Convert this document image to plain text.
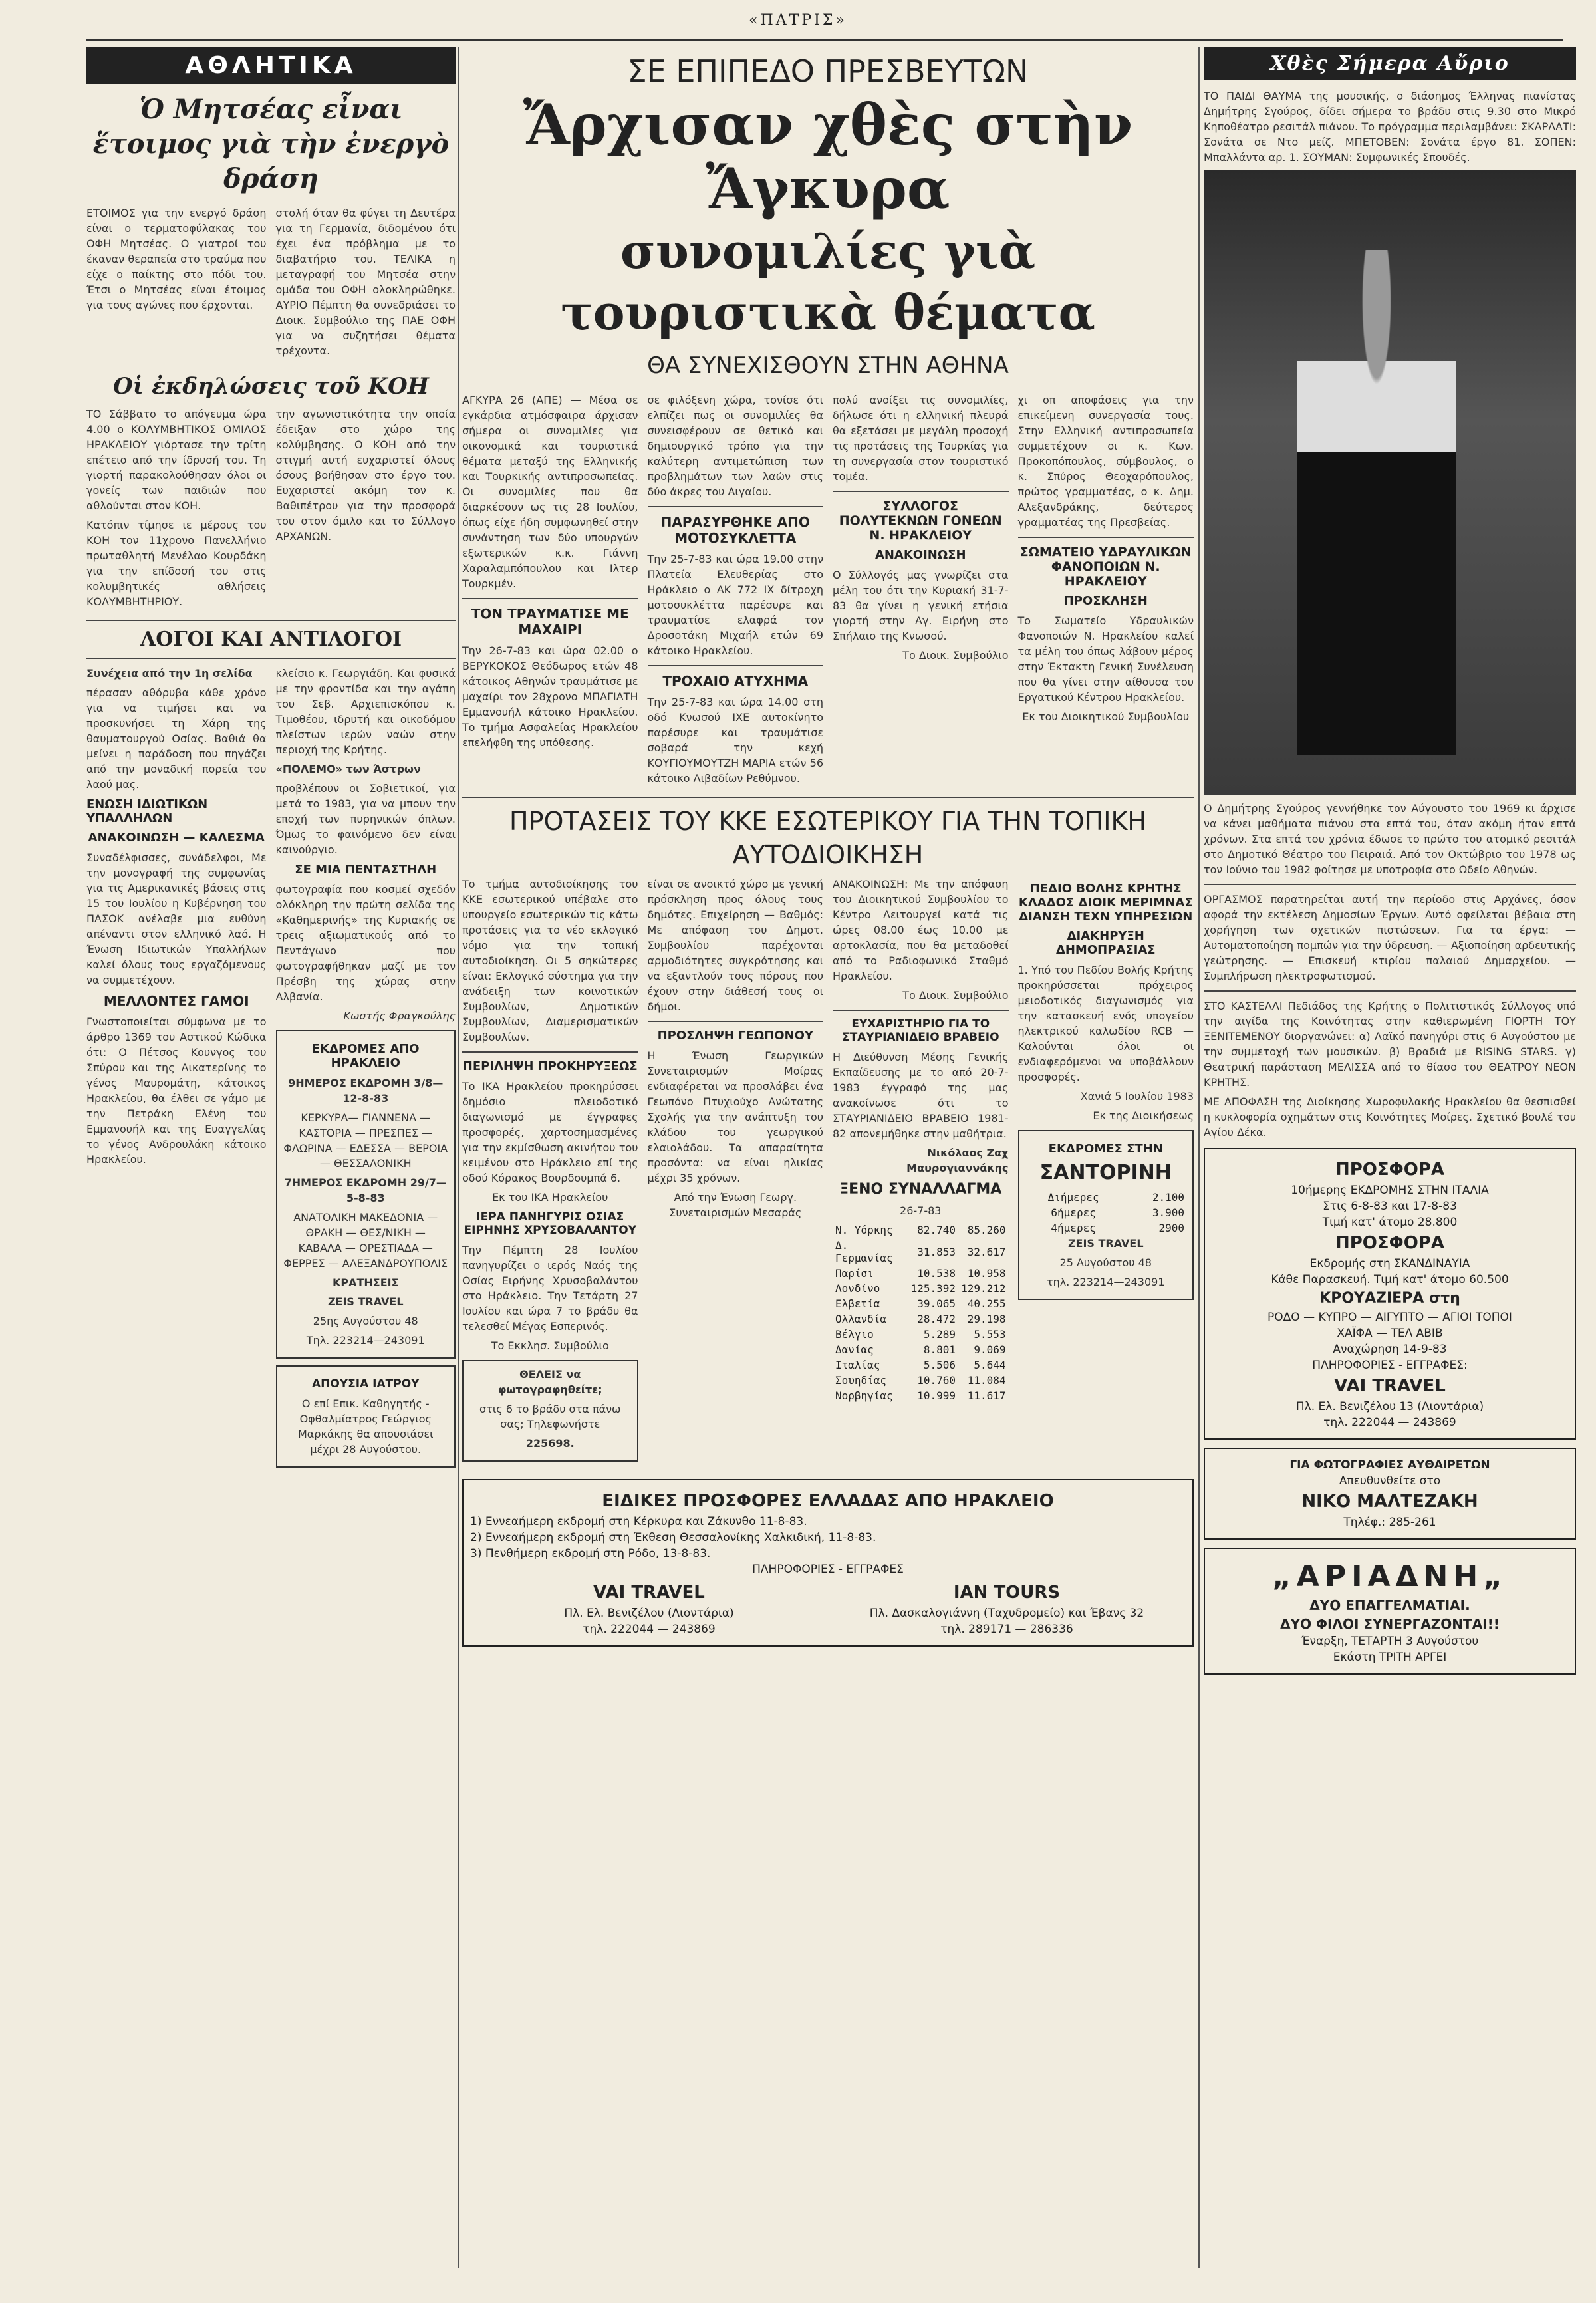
«ΠΑΤΡΙΣ»
ΑΘΛΗΤΙΚΑ
Ὁ Μητσέας εἶναι ἕτοιμος γιὰ τὴν ἐνεργὸ δράση

ΕΤΟΙΜΟΣ για την ενεργό δράση είναι ο τερματοφύλακας του ΟΦΗ Μητσέας. Ο γιατροί του έκαναν θεραπεία στο τραύμα που είχε ο παίκτης στο πόδι του. Έτσι ο Μητσέας είναι έτοιμος για τους αγώνες που έρχονται.

στολή όταν θα φύγει τη Δευτέρα για τη Γερμανία, διδομένου ότι έχει ένα πρόβλημα με το διαβατήριο του. ΤΕΛΙΚΑ η μεταγραφή του Μητσέα στην ομάδα του ΟΦΗ ολοκληρώθηκε. ΑΥΡΙΟ Πέμπτη θα συνεδριάσει το Διοικ. Συμβούλιο της ΠΑΕ ΟΦΗ για να συζητήσει θέματα τρέχοντα.

Οἱ ἐκδηλώσεις τοῦ ΚΟΗ

ΤΟ Σάββατο το απόγευμα ώρα 4.00 ο ΚΟΛΥΜΒΗΤΙΚΟΣ ΟΜΙΛΟΣ ΗΡΑΚΛΕΙΟΥ γιόρτασε την τρίτη επέτειο από την ίδρυσή του. Τη γιορτή παρακολούθησαν όλοι οι γονείς των παιδιών που αθλούνται στον ΚΟΗ.

Κατόπιν τίμησε ιε μέρους του ΚΟΗ τον 11χρονο Πανελλήνιο πρωταθλητή Μενέλαο Κουρδάκη για την επίδοσή του στις κολυμβητικές αθλήσεις ΚΟΛΥΜΒΗΤΗΡΙΟΥ.

την αγωνιστικότητα την οποία έδειξαν στο χώρο της κολύμβησης. Ο ΚΟΗ από την στιγμή αυτή ευχαριστεί όλους όσους βοήθησαν στο έργο του. Ευχαριστεί ακόμη τον κ. Βαθιπέτρου για την προσφορά του στον όμιλο και το Σύλλογο ΑΡΧΑΝΩΝ.

ΛΟΓΟΙ ΚΑΙ ΑΝΤΙΛΟΓΟΙ

Συνέχεια από την 1η σελίδα

πέρασαν αθόρυβα κάθε χρόνο για να τιμήσει και να προσκυνήσει τη Χάρη της θαυματουργού Οσίας. Βαθιά θα μείνει η παράδοση που πηγάζει από την μοναδική πορεία του λαού μας.

ΕΝΩΣΗ ΙΔΙΩΤΙΚΩΝ ΥΠΑΛΛΗΛΩΝ
ΑΝΑΚΟΙΝΩΣΗ — ΚΑΛΕΣΜΑ

Συναδέλφισσες, συνάδελφοι, Με την μονογραφή της συμφωνίας για τις Αμερικανικές βάσεις στις 15 του Ιουλίου η Κυβέρνηση του ΠΑΣΟΚ ανέλαβε μια ευθύνη απέναντι στον ελληνικό λαό. Η Ένωση Ιδιωτικών Υπαλλήλων καλεί όλους τους εργαζόμενους να συμμετέχουν.

ΜΕΛΛΟΝΤΕΣ ΓΑΜΟΙ

Γνωστοποιείται σύμφωνα με το άρθρο 1369 του Αστικού Κώδικα ότι: Ο Πέτσος Κουνγος του Σπύρου και της Αικατερίνης το γένος Μαυρομάτη, κάτοικος Ηρακλείου, θα έλθει σε γάμο με την Πετράκη Ελένη του Εμμανουήλ και της Ευαγγελίας το γένος Ανδρουλάκη κάτοικο Ηρακλείου.

κλείσιο κ. Γεωργιάδη. Και φυσικά με την φροντίδα και την αγάπη του Σεβ. Αρχιεπισκόπου κ. Τιμοθέου, ιδρυτή και οικοδόμου πλείστων ιερών ναών στην περιοχή της Κρήτης.

«ΠΟΛΕΜΟ» των Άστρων

προβλέπουν οι Σοβιετικοί, για μετά το 1983, για να μπουν την εποχή των πυρηνικών όπλων. Όμως το φαινόμενο δεν είναι καινούργιο.

ΣΕ ΜΙΑ ΠΕΝΤΑΣΤΗΛΗ

φωτογραφία που κοσμεί σχεδόν ολόκληρη την πρώτη σελίδα της «Καθημερινής» της Κυριακής σε τρεις αξιωματικούς από το Πεντάγωνο που φωτογραφήθηκαν μαζί με τον Πρέσβη της χώρας στην Αλβανία.

Κωστής Φραγκούλης

ΕΚΔΡΟΜΕΣ ΑΠΟ ΗΡΑΚΛΕΙΟ

9ΗΜΕΡΟΣ ΕΚΔΡΟΜΗ 3/8—12-8-83

ΚΕΡΚΥΡΑ— ΓΙΑΝΝΕΝΑ — ΚΑΣΤΟΡΙΑ — ΠΡΕΣΠΕΣ — ΦΛΩΡΙΝΑ — ΕΔΕΣΣΑ — ΒΕΡΟΙΑ — ΘΕΣΣΑΛΟΝΙΚΗ

7ΗΜΕΡΟΣ ΕΚΔΡΟΜΗ 29/7—5-8-83

ΑΝΑΤΟΛΙΚΗ ΜΑΚΕΔΟΝΙΑ — ΘΡΑΚΗ — ΘΕΣ/ΝΙΚΗ — ΚΑΒΑΛΑ — ΟΡΕΣΤΙΑΔΑ — ΦΕΡΡΕΣ — ΑΛΕΞΑΝΔΡΟΥΠΟΛΙΣ

ΚΡΑΤΗΣΕΙΣ

ZEIS TRAVEL

25ης Αυγούστου 48

Τηλ. 223214—243091

ΑΠΟΥΣΙΑ ΙΑΤΡΟΥ

Ο επί Επικ. Καθηγητής - Οφθαλμίατρος Γεώργιος Μαρκάκης θα απουσιάσει μέχρι 28 Αυγούστου.

ΣΕ ΕΠΙΠΕΔΟ ΠΡΕΣΒΕΥΤΩΝ
Ἄρχισαν χθὲς στὴν Ἄγκυρα
συνομιλίες γιὰ τουριστικὰ θέματα
ΘΑ ΣΥΝΕΧΙΣΘΟΥΝ ΣΤΗΝ ΑΘΗΝΑ

ΑΓΚΥΡΑ 26 (ΑΠΕ) — Μέσα σε εγκάρδια ατμόσφαιρα άρχισαν σήμερα οι συνομιλίες για οικονομικά και τουριστικά θέματα μεταξύ της Ελληνικής και Τουρκικής αντιπροσωπείας. Οι συνομιλίες που θα διαρκέσουν ως τις 28 Ιουλίου, όπως είχε ήδη συμφωνηθεί στην συνάντηση των δύο υπουργών εξωτερικών κ.κ. Γιάννη Χαραλαμπόπουλου και Ιλτερ Τουρκμέν.

ΤΟΝ ΤΡΑΥΜΑΤΙΣΕ ΜΕ ΜΑΧΑΙΡΙ

Την 26-7-83 και ώρα 02.00 ο ΒΕΡΥΚΟΚΟΣ Θεόδωρος ετών 48 κάτοικος Αθηνών τραυμάτισε με μαχαίρι τον 28χρονο ΜΠΑΓΙΑΤΗ Εμμανουήλ κάτοικο Ηρακλείου. Το τμήμα Ασφαλείας Ηρακλείου επελήφθη της υπόθεσης.

σε φιλόξενη χώρα, τονίσε ότι ελπίζει πως οι συνομιλίες θα συνεισφέρουν σε θετικό και δημιουργικό τρόπο για την καλύτερη αντιμετώπιση των προβλημάτων των λαών στις δύο άκρες του Αιγαίου.

ΠΑΡΑΣΥΡΘΗΚΕ ΑΠΟ ΜΟΤΟΣΥΚΛΕΤΤΑ

Την 25-7-83 και ώρα 19.00 στην Πλατεία Ελευθερίας στο Ηράκλειο ο ΑΚ 772 ΙΧ δίτροχη μοτοσυκλέττα παρέσυρε και τραυματίσε ελαφρά τον Δροσοτάκη Μιχαήλ ετών 69 κάτοικο Ηρακλείου.

ΤΡΟΧΑΙΟ ΑΤΥΧΗΜΑ

Την 25-7-83 και ώρα 14.00 στη οδό Κνωσού ΙΧΕ αυτοκίνητο παρέσυρε και τραυμάτισε σοβαρά την κεχή ΚΟΥΓΙΟΥΜΟΥΤΖΗ ΜΑΡΙΑ ετών 56 κάτοικο Λιβαδίων Ρεθύμνου.

πολύ ανοίξει τις συνομιλίες, δήλωσε ότι η ελληνική πλευρά θα εξετάσει με μεγάλη προσοχή τις προτάσεις της Τουρκίας για τη συνεργασία στον τουριστικό τομέα.

ΣΥΛΛΟΓΟΣ ΠΟΛΥΤΕΚΝΩΝ ΓΟΝΕΩΝ Ν. ΗΡΑΚΛΕΙΟΥ
ΑΝΑΚΟΙΝΩΣΗ

Ο Σύλλογός μας γνωρίζει στα μέλη του ότι την Κυριακή 31-7-83 θα γίνει η γενική ετήσια γιορτή στην Αγ. Ειρήνη στο Σπήλαιο της Κνωσού.

Το Διοικ. Συμβούλιο

χι οπ αποφάσεις για την επικείμενη συνεργασία τους. Στην Ελληνική αντιπροσωπεία συμμετέχουν οι κ. Κων. Προκοπόπουλος, σύμβουλος, ο κ. Σπύρος Θεοχαρόπουλος, πρώτος γραμματέας, ο κ. Δημ. Αλεξανδράκης, δεύτερος γραμματέας της Πρεσβείας.

ΣΩΜΑΤΕΙΟ ΥΔΡΑΥΛΙΚΩΝ ΦΑΝΟΠΟΙΩΝ Ν. ΗΡΑΚΛΕΙΟΥ
ΠΡΟΣΚΛΗΣΗ

Το Σωματείο Υδραυλικών Φανοποιών Ν. Ηρακλείου καλεί τα μέλη του όπως λάβουν μέρος στην Έκτακτη Γενική Συνέλευση που θα γίνει στην αίθουσα του Εργατικού Κέντρου Ηρακλείου.

Εκ του Διοικητικού Συμβουλίου

ΠΡΟΤΑΣΕΙΣ ΤΟΥ ΚΚΕ ΕΣΩΤΕΡΙΚΟΥ ΓΙΑ ΤΗΝ ΤΟΠΙΚΗ ΑΥΤΟΔΙΟΙΚΗΣΗ

Το τμήμα αυτοδιοίκησης του ΚΚΕ εσωτερικού υπέβαλε στο υπουργείο εσωτερικών τις κάτω προτάσεις για το νέο εκλογικό νόμο για την τοπική αυτοδιοίκηση. Οι 5 σηκώτερες είναι: Εκλογικό σύστημα για την ανάδειξη των κοινοτικών Συμβουλίων, Δημοτικών Συμβουλίων, Διαμερισματικών Συμβουλίων.

ΠΕΡΙΛΗΨΗ ΠΡΟΚΗΡΥΞΕΩΣ

Το ΙΚΑ Ηρακλείου προκηρύσσει δημόσιο πλειοδοτικό διαγωνισμό με έγγραφες προσφορές, χαρτοσημασμένες για την εκμίσθωση ακινήτου του κειμένου στο Ηράκλειο επί της οδού Κόρακος Βουρδουμπά 6.

Εκ του ΙΚΑ Ηρακλείου

ΙΕΡΑ ΠΑΝΗΓΥΡΙΣ ΟΣΙΑΣ ΕΙΡΗΝΗΣ ΧΡΥΣΟΒΑΛΑΝΤΟΥ

Την Πέμπτη 28 Ιουλίου πανηγυρίζει ο ιερός Ναός της Οσίας Ειρήνης Χρυσοβαλάντου στο Ηράκλειο. Την Τετάρτη 27 Ιουλίου και ώρα 7 το βράδυ θα τελεσθεί Μέγας Εσπερινός.

Το Εκκλησ. Συμβούλιο

ΘΕΛΕΙΣ να φωτογραφηθείτε;

στις 6 το βράδυ στα πάνω σας; Τηλεφωνήστε

225698.

είναι σε ανοικτό χώρο με γενική πρόσκληση προς όλους τους δημότες. Επιχείρηση — Βαθμός: Με απόφαση του Δημοτ. Συμβουλίου παρέχονται αρμοδιότητες συγκρότησης και να εξαντλούν τους πόρους που έχουν στην διάθεσή τους οι δήμοι.

ΠΡΟΣΛΗΨΗ ΓΕΩΠΟΝΟΥ

Η Ένωση Γεωργικών Συνεταιρισμών Μοίρας ενδιαφέρεται να προσλάβει ένα Γεωπόνο Πτυχιούχο Ανώτατης Σχολής για την ανάπτυξη του κλάδου του γεωργικού ελαιολάδου. Τα απαραίτητα προσόντα: να είναι ηλικίας μέχρι 35 χρόνων.

Από την Ένωση Γεωργ. Συνεταιρισμών Μεσαράς

ΑΝΑΚΟΙΝΩΣΗ: Με την απόφαση του Διοικητικού Συμβουλίου το Κέντρο Λειτουργεί κατά τις ώρες 08.00 έως 10.00 με αρτοκλασία, που θα μεταδοθεί από το Ραδιοφωνικό Σταθμό Ηρακλείου.

Το Διοικ. Συμβούλιο

ΕΥΧΑΡΙΣΤΗΡΙΟ ΓΙΑ ΤΟ ΣΤΑΥΡΙΑΝΙΔΕΙΟ ΒΡΑΒΕΙΟ

Η Διεύθυνση Μέσης Γενικής Εκπαίδευσης με το από 20-7-1983 έγγραφό της μας ανακοίνωσε ότι το ΣΤΑΥΡΙΑΝΙΔΕΙΟ ΒΡΑΒΕΙΟ 1981-82 απονεμήθηκε στην μαθήτρια.

Νικόλαος Ζαχ Μαυρογιαννάκης

ΞΕΝΟ ΣΥΝΑΛΛΑΓΜΑ

26-7-83

Ν. Υόρκης	82.740	85.260
Δ. Γερμανίας	31.853	32.617
Παρίσι	10.538	10.958
Λονδίνο	125.392	129.212
Ελβετία	39.065	40.255
Ολλανδία	28.472	29.198
Βέλγιο	5.289	5.553
Δανίας	8.801	9.069
Ιταλίας	5.506	5.644
Σουηδίας	10.760	11.084
Νορβηγίας	10.999	11.617
ΠΕΔΙΟ ΒΟΛΗΣ ΚΡΗΤΗΣ ΚΛΑΔΟΣ ΔΙΟΙΚ ΜΕΡΙΜΝΑΣ ΔΙΑΝΣΗ ΤΕΧΝ ΥΠΗΡΕΣΙΩΝ
ΔΙΑΚΗΡΥΞΗ ΔΗΜΟΠΡΑΣΙΑΣ

1. Υπό του Πεδίου Βολής Κρήτης προκηρύσσεται πρόχειρος μειοδοτικός διαγωνισμός για την κατασκευή ενός υπογείου ηλεκτρικού καλωδίου RCB — Καλούνται όλοι οι ενδιαφερόμενοι να υποβάλλουν προσφορές.

Χανιά 5 Ιουλίου 1983

Εκ της Διοικήσεως

ΕΚΔΡΟΜΕΣ ΣΤΗΝ
ΣΑΝΤΟΡΙΝΗ
Διήμερες	2.100
6ήμερες	3.900
4ήμερες	2900

ZEIS TRAVEL

25 Αυγούστου 48

τηλ. 223214—243091

ΕΙΔΙΚΕΣ ΠΡΟΣΦΟΡΕΣ ΕΛΛΑΔΑΣ ΑΠΟ ΗΡΑΚΛΕΙΟ
1) Εννεαήμερη εκδρομή στη Κέρκυρα και Ζάκυνθο 11-8-83.
2) Εννεαήμερη εκδρομή στη Έκθεση Θεσσαλονίκης Χαλκιδική, 11-8-83.
3) Πενθήμερη εκδρομή στη Ρόδο, 13-8-83.
ΠΛΗΡΟΦΟΡΙΕΣ - ΕΓΓΡΑΦΕΣ
VAI TRAVEL
Πλ. Ελ. Βενιζέλου (Λιοντάρια)
τηλ. 222044 — 243869
IAN TOURS
Πλ. Δασκαλογιάννη (Ταχυδρομείο) και Έβανς 32
τηλ. 289171 — 286336
Χθὲς Σήμερα Αὔριο

ΤΟ ΠΑΙΔΙ ΘΑΥΜΑ της μουσικής, ο διάσημος Έλληνας πιανίστας Δημήτρης Σγούρος, δίδει σήμερα το βράδυ στις 9.30 στο Μικρό Κηποθέατρο ρεσιτάλ πιάνου. Το πρόγραμμα περιλαμβάνει: ΣΚΑΡΛΑΤΙ: Σονάτα σε Ντο μείζ. ΜΠΕΤΟΒΕΝ: Σονάτα έργο 81. ΣΟΠΕΝ: Μπαλλάντα αρ. 1. ΣΟΥΜΑΝ: Συμφωνικές Σπουδές.

Ο Δημήτρης Σγούρος γεννήθηκε τον Αύγουστο του 1969 κι άρχισε να κάνει μαθήματα πιάνου στα επτά του, όταν ακόμη ήταν επτά χρόνων. Στα επτά του χρόνια έδωσε το πρώτο του ατομικό ρεσιτάλ στο Δημοτικό Θέατρο του Πειραιά. Από τον Οκτώβριο του 1978 ως τον Ιούνιο του 1982 φοίτησε με υποτροφία στο Ωδείο Αθηνών.

ΟΡΓΑΣΜΟΣ παρατηρείται αυτή την περίοδο στις Αρχάνες, όσον αφορά την εκτέλεση Δημοσίων Έργων. Αυτό οφείλεται βέβαια στη χορήγηση των σχετικών πιστώσεων. Για τα έργα: — Αυτοματοποίηση πομπών για την ύδρευση. — Αξιοποίηση αρδευτικής γεώτρησης. — Επισκευή κτιρίου παλαιού Δημαρχείου. — Συμπλήρωση ηλεκτροφωτισμού.

ΣΤΟ ΚΑΣΤΕΛΛΙ Πεδιάδος της Κρήτης ο Πολιτιστικός Σύλλογος υπό την αιγίδα της Κοινότητας στην καθιερωμένη ΓΙΟΡΤΗ ΤΟΥ ΞΕΝΙΤΕΜΕΝΟΥ διοργανώνει: α) Λαϊκό πανηγύρι στις 6 Αυγούστου με την συμμετοχή των μουσικών. β) Βραδιά με RISING STARS. γ) Θεατρική παράσταση ΜΕΛΙΣΣΑ από το θίασο του ΘΕΑΤΡΟΥ ΝΕΟΝ ΚΡΗΤΗΣ.

ΜΕ ΑΠΟΦΑΣΗ της Διοίκησης Χωροφυλακής Ηρακλείου θα θεσπισθεί η κυκλοφορία οχημάτων στις Κοινότητες Μοίρες. Σχετικό βουλέ του Αγίου Δέκα.

ΠΡΟΣΦΟΡΑ
10ήμερης ΕΚΔΡΟΜΗΣ ΣΤΗΝ ΙΤΑΛΙΑ
Στις 6-8-83 και 17-8-83
Τιμή κατ' άτομο 28.800
ΠΡΟΣΦΟΡΑ
Εκδρομής στη ΣΚΑΝΔΙΝΑΥΙΑ
Κάθε Παρασκευή. Τιμή κατ' άτομο 60.500
ΚΡΟΥΑΖΙΕΡΑ στη
ΡΟΔΟ — ΚΥΠΡΟ — ΑΙΓΥΠΤΟ — ΑΓΙΟΙ ΤΟΠΟΙ
ΧΑΪΦΑ — ΤΕΛ ΑΒΙΒ
Αναχώρηση 14-9-83
ΠΛΗΡΟΦΟΡΙΕΣ - ΕΓΓΡΑΦΕΣ:
VAI TRAVEL
Πλ. Ελ. Βενιζέλου 13 (Λιοντάρια)
τηλ. 222044 — 243869
ΓΙΑ ΦΩΤΟΓΡΑΦΙΕΣ ΑΥΘΑΙΡΕΤΩΝ
Απευθυνθείτε στο
ΝΙΚΟ ΜΑΛΤΕΖΑΚΗ
Τηλέφ.: 285-261
„ΑΡΙΑΔΝΗ„
ΔΥΟ ΕΠΑΓΓΕΛΜΑΤΙΑΙ.
ΔΥΟ ΦΙΛΟΙ ΣΥΝΕΡΓΑΖΟΝΤΑΙ!!
Έναρξη, ΤΕΤΑΡΤΗ 3 Αυγούστου
Εκάστη ΤΡΙΤΗ ΑΡΓΕΙ
